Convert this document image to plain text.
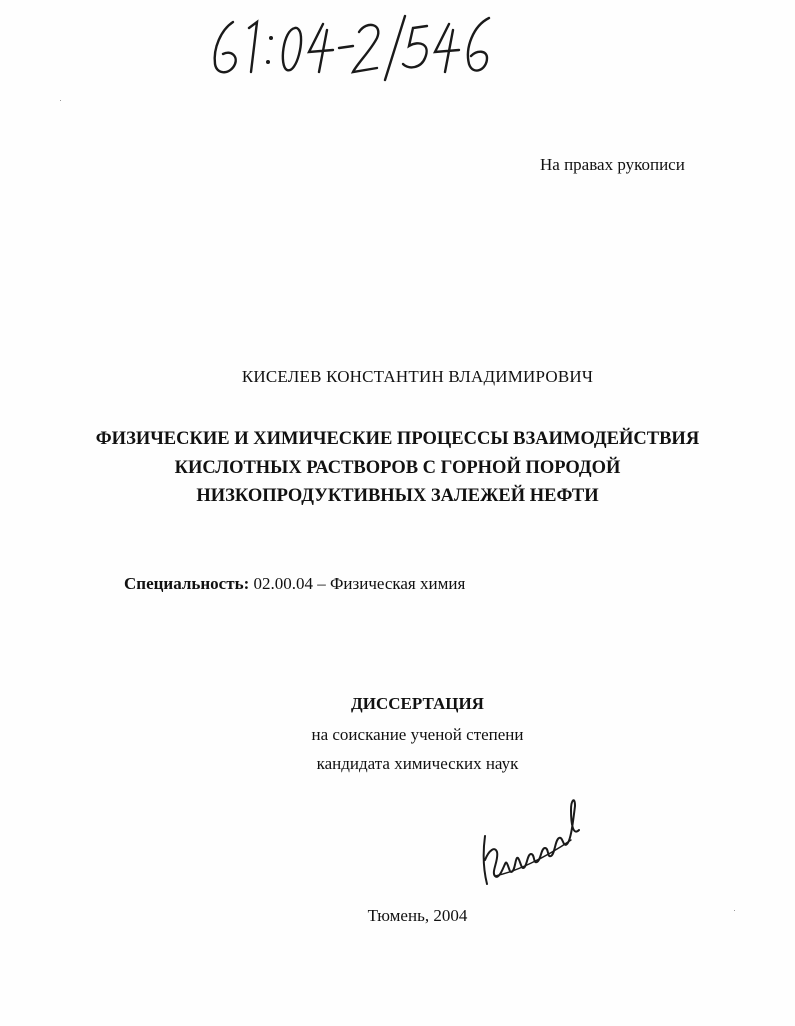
На правах рукописи
КИСЕЛЕВ КОНСТАНТИН ВЛАДИМИРОВИЧ
ФИЗИЧЕСКИЕ И ХИМИЧЕСКИЕ ПРОЦЕССЫ ВЗАИМОДЕЙСТВИЯ
КИСЛОТНЫХ РАСТВОРОВ С ГОРНОЙ ПОРОДОЙ
НИЗКОПРОДУКТИВНЫХ ЗАЛЕЖЕЙ НЕФТИ
Специальность: 02.00.04 – Физическая химия
ДИССЕРТАЦИЯ
на соискание ученой степени
кандидата химических наук
Тюмень, 2004
